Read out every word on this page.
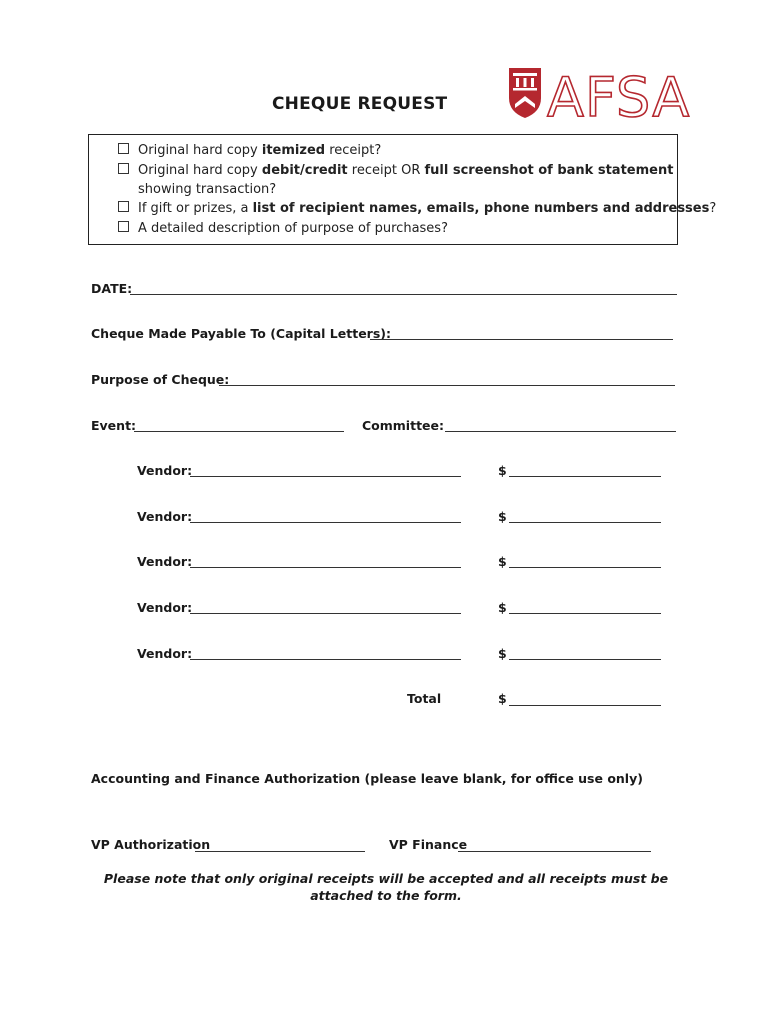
CHEQUE REQUEST AFSA
Original hard copy itemized receipt?
Original hard copy debit/credit receipt OR full screenshot of bank statement
showing transaction?
If gift or prizes, a list of recipient names, emails, phone numbers and addresses?
A detailed description of purpose of purchases?
DATE:
Cheque Made Payable To (Capital Letters):
Purpose of Cheque:
Event:	Committee:
Vendor:	$
Vendor:	$
Vendor:	$
Vendor:	$
Vendor:	$
Total	$
Accounting and Finance Authorization (please leave blank, for office use only)
VP Authorization	VP Finance
Please note that only original receipts will be accepted and all receipts must be attached to the form.
